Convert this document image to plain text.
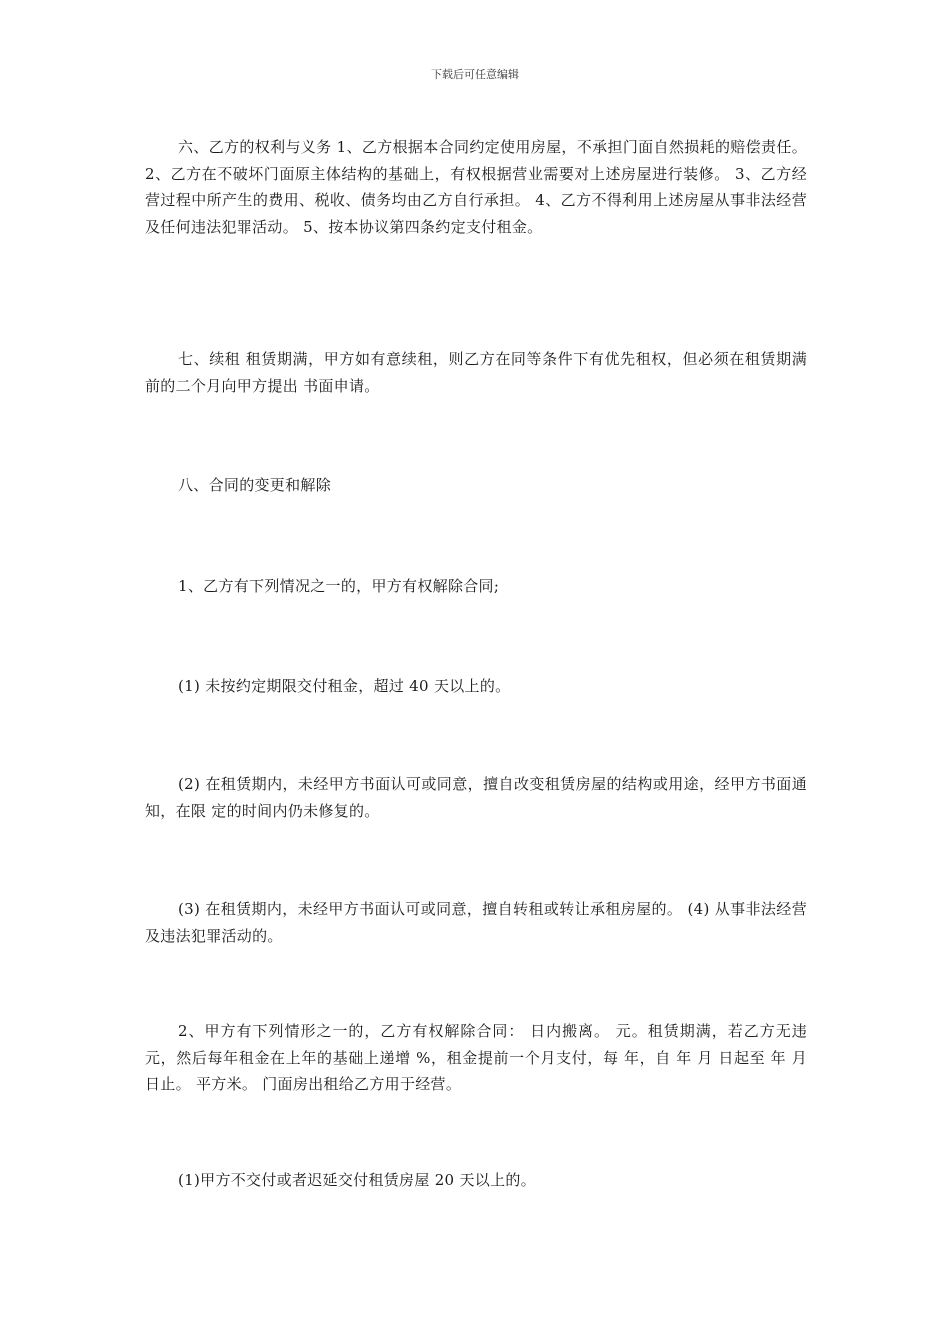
下载后可任意编辑

六、乙方的权利与义务 1、乙方根据本合同约定使用房屋，不承担门面自然损耗的赔偿责任。 2、乙方在不破坏门面原主体结构的基础上，有权根据营业需要对上述房屋进行装修。 3、乙方经营过程中所产生的费用、税收、债务均由乙方自行承担。 4、乙方不得利用上述房屋从事非法经营及任何违法犯罪活动。 5、按本协议第四条约定支付租金。

七、续租 租赁期满，甲方如有意续租，则乙方在同等条件下有优先租权，但必须在租赁期满前的二个月向甲方提出 书面申请。

八、合同的变更和解除

1、乙方有下列情况之一的，甲方有权解除合同;

(1) 未按约定期限交付租金，超过 40 天以上的。

(2) 在租赁期内，未经甲方书面认可或同意，擅自改变租赁房屋的结构或用途，经甲方书面通知，在限 定的时间内仍未修复的。

(3) 在租赁期内，未经甲方书面认可或同意，擅自转租或转让承租房屋的。 (4) 从事非法经营及违法犯罪活动的。

2、甲方有下列情形之一的，乙方有权解除合同： 日内搬离。 元。租赁期满，若乙方无违 元，然后每年租金在上年的基础上递增 %，租金提前一个月支付，每 年，自 年 月 日起至 年 月 日止。 平方米。 门面房出租给乙方用于经营。

(1)甲方不交付或者迟延交付租赁房屋 20 天以上的。
